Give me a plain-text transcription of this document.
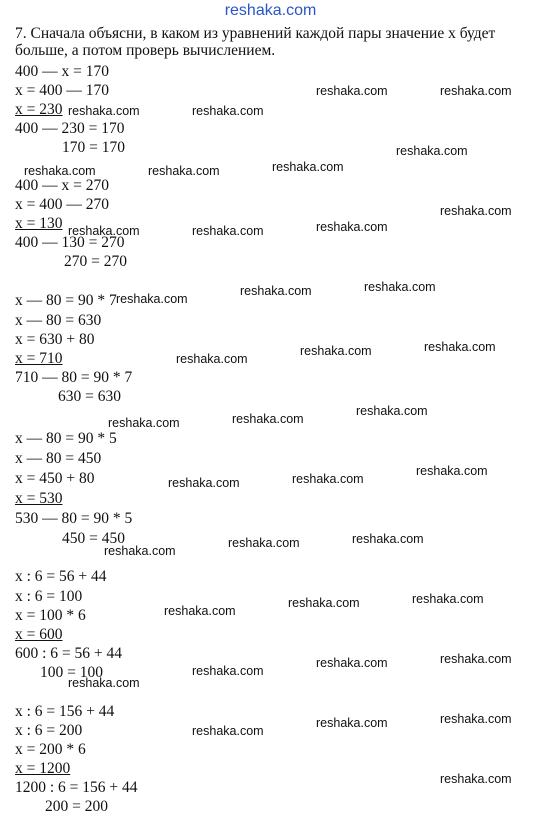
reshaka.com
7. Сначала объясни, в каком из уравнений каждой пары значение х будет больше, а потом проверь вычислением.
400 — х = 170
х = 400 — 170
х = 230
400 — 230 = 170
170 = 170
400 — х = 270
х = 400 — 270
х = 130
400 — 130 = 270
270 = 270
х — 80 = 90 * 7
х — 80 = 630
х = 630 + 80
х = 710
710 — 80 = 90 * 7
630 = 630
х — 80 = 90 * 5
х — 80 = 450
х = 450 + 80
х = 530
530 — 80 = 90 * 5
450 = 450
х : 6 = 56 + 44
х : 6 = 100
х = 100 * 6
х = 600
600 : 6 = 56 + 44
100 = 100
х : 6 = 156 + 44
х : 6 = 200
х = 200 * 6
х = 1200
1200 : 6 = 156 + 44
200 = 200
reshaka.com	reshaka.com
reshaka.com	reshaka.com
reshaka.com
reshaka.com	reshaka.com	reshaka.com
reshaka.com
reshaka.com
reshaka.com	reshaka.com
reshaka.com	reshaka.com
reshaka.com
reshaka.com
reshaka.com
reshaka.com
reshaka.com
reshaka.com
reshaka.com
reshaka.com
reshaka.com
reshaka.com
reshaka.com
reshaka.com
reshaka.com
reshaka.com
reshaka.com
reshaka.com
reshaka.com
reshaka.com
reshaka.com
reshaka.com
reshaka.com
reshaka.com
reshaka.com
reshaka.com
